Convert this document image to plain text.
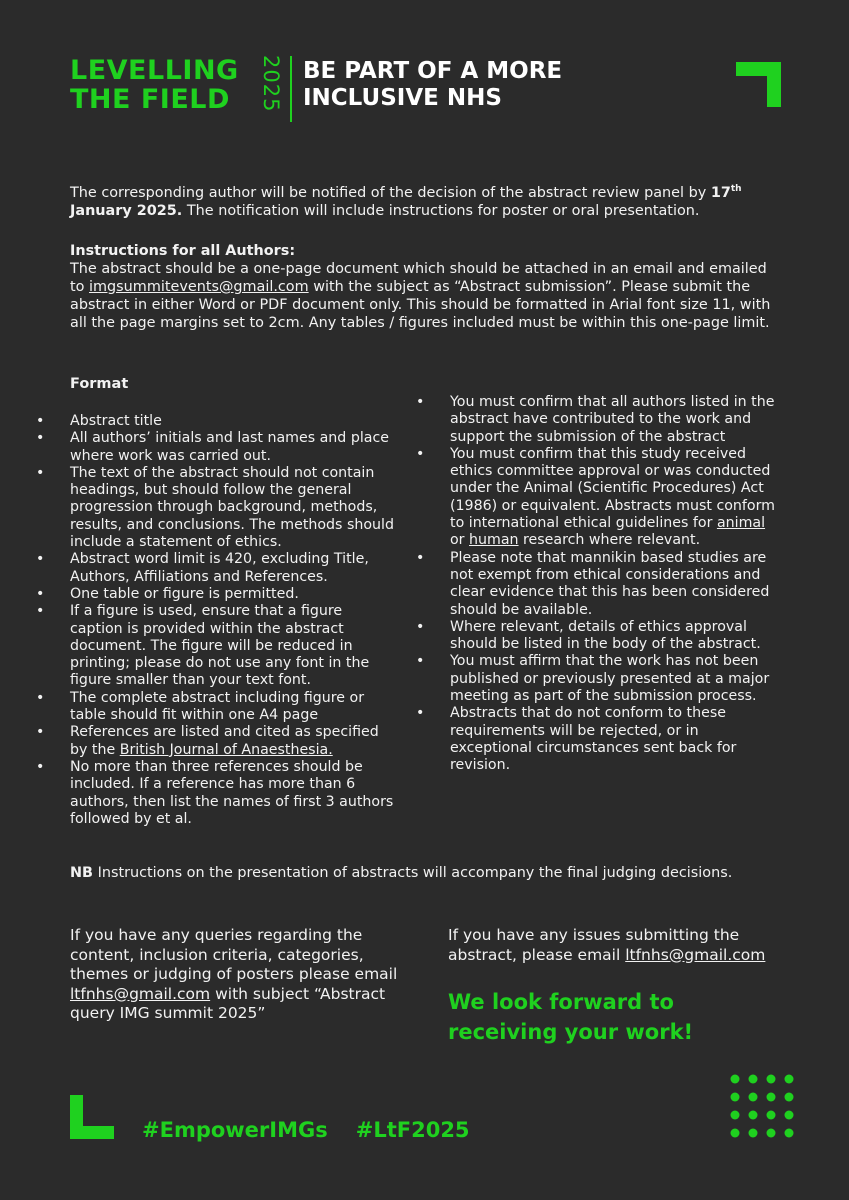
LEVELLING
THE FIELD	2025 BE PART OF A MORE
INCLUSIVE NHS
The corresponding author will be notified of the decision of the abstract review panel by 17th January 2025. The notification will include instructions for poster or oral presentation.
Instructions for all Authors:
The abstract should be a one-page document which should be attached in an email and emailed to imgsummitevents@gmail.com with the subject as “Abstract submission”. Please submit the abstract in either Word or PDF document only. This should be formatted in Arial font size 11, with all the page margins set to 2cm. Any tables / figures included must be within this one-page limit.
Format
• Abstract title
• All authors’ initials and last names and place where work was carried out.
• The text of the abstract should not contain headings, but should follow the general progression through background, methods, results, and conclusions. The methods should include a statement of ethics.
• Abstract word limit is 420, excluding Title, Authors, Affiliations and References.
• One table or figure is permitted.
• If a figure is used, ensure that a figure caption is provided within the abstract document. The figure will be reduced in printing; please do not use any font in the figure smaller than your text font.
• The complete abstract including figure or table should fit within one A4 page
• References are listed and cited as specified by the British Journal of Anaesthesia.
• No more than three references should be included. If a reference has more than 6 authors, then list the names of first 3 authors followed by et al.
• You must confirm that all authors listed in the abstract have contributed to the work and support the submission of the abstract
• You must confirm that this study received ethics committee approval or was conducted under the Animal (Scientific Procedures) Act (1986) or equivalent. Abstracts must conform to international ethical guidelines for animal or human research where relevant.
• Please note that mannikin based studies are not exempt from ethical considerations and clear evidence that this has been considered should be available.
• Where relevant, details of ethics approval should be listed in the body of the abstract.
• You must affirm that the work has not been published or previously presented at a major meeting as part of the submission process.
• Abstracts that do not conform to these requirements will be rejected, or in exceptional circumstances sent back for revision.
NB Instructions on the presentation of abstracts will accompany the final judging decisions.
If you have any queries regarding the content, inclusion criteria, categories, themes or judging of posters please email ltfnhs@gmail.com with subject “Abstract query IMG summit 2025”
If you have any issues submitting the abstract, please email ltfnhs@gmail.com
We look forward to receiving your work!
#EmpowerIMGs #LtF2025
